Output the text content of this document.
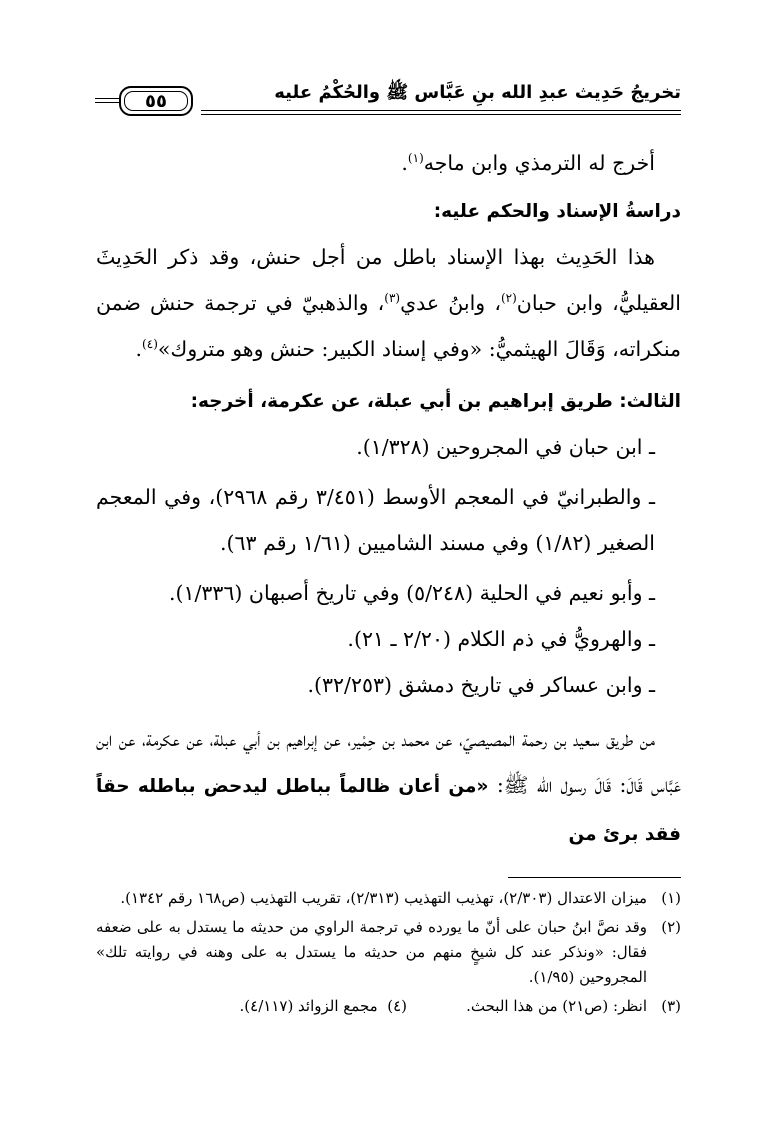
تخريجُ حَدِيث عبدِ الله بنِ عَبَّاس ﷺ والحُكْمُ عليه
٥٥

أخرج له الترمذي وابن ماجه$^{(١)}$.

دراسةُ الإسناد والحكم عليه:

هذا الحَدِيث بهذا الإسناد باطل من أجل حنش، وقد ذكر الحَدِيثَ العقيليُّ، وابن حبان$^{(٢)}$، وابنُ عدي$^{(٣)}$، والذهبيّ في ترجمة حنش ضمن منكراته، وَقَالَ الهيثميُّ: «وفي إسناد الكبير: حنش وهو متروك»$^{(٤)}$.

الثالث: طريق إبراهيم بن أبي عبلة، عن عكرمة، أخرجه:

ـ ابن حبان في المجروحين (١/٣٢٨).

ـ والطبرانيّ في المعجم الأوسط (٣/٤٥١ رقم ٢٩٦٨)، وفي المعجم الصغير (١/٨٢) وفي مسند الشاميين (١/٦١ رقم ٦٣).

ـ وأبو نعيم في الحلية (٥/٢٤٨) وفي تاريخ أصبهان (١/٣٣٦).

ـ والهرويُّ في ذم الكلام (٢/٢٠ ـ ٢١).

ـ وابن عساكر في تاريخ دمشق (٣٢/٢٥٣).

من طريق سعيد بن رحمة المصيصيّ، عن محمد بن حِمْير، عن إبراهيم بن أبي عبلة، عن عكرمة، عن ابن عَبَّاس قَالَ: قَالَ رسول الله ﷺ: «من أعان ظالماً بباطل ليدحض بباطله حقاً فقد برئ من

(١)
ميزان الاعتدال (٢/٣٠٣)، تهذيب التهذيب (٢/٣١٣)، تقريب التهذيب (ص١٦٨ رقم ١٣٤٢).

(٢)
وقد نصَّ ابنُ حبان على أنّ ما يورده في ترجمة الراوي من حديثه ما يستدل به على ضعفه فقال: «ونذكر عند كل شيخٍ منهم من حديثه ما يستدل به على وهنه في روايته تلك» المجروحين (١/٩٥).

(٣)
انظر: (ص٢١) من هذا البحث.
(٤)

مجمع الزوائد (٤/١١٧).
